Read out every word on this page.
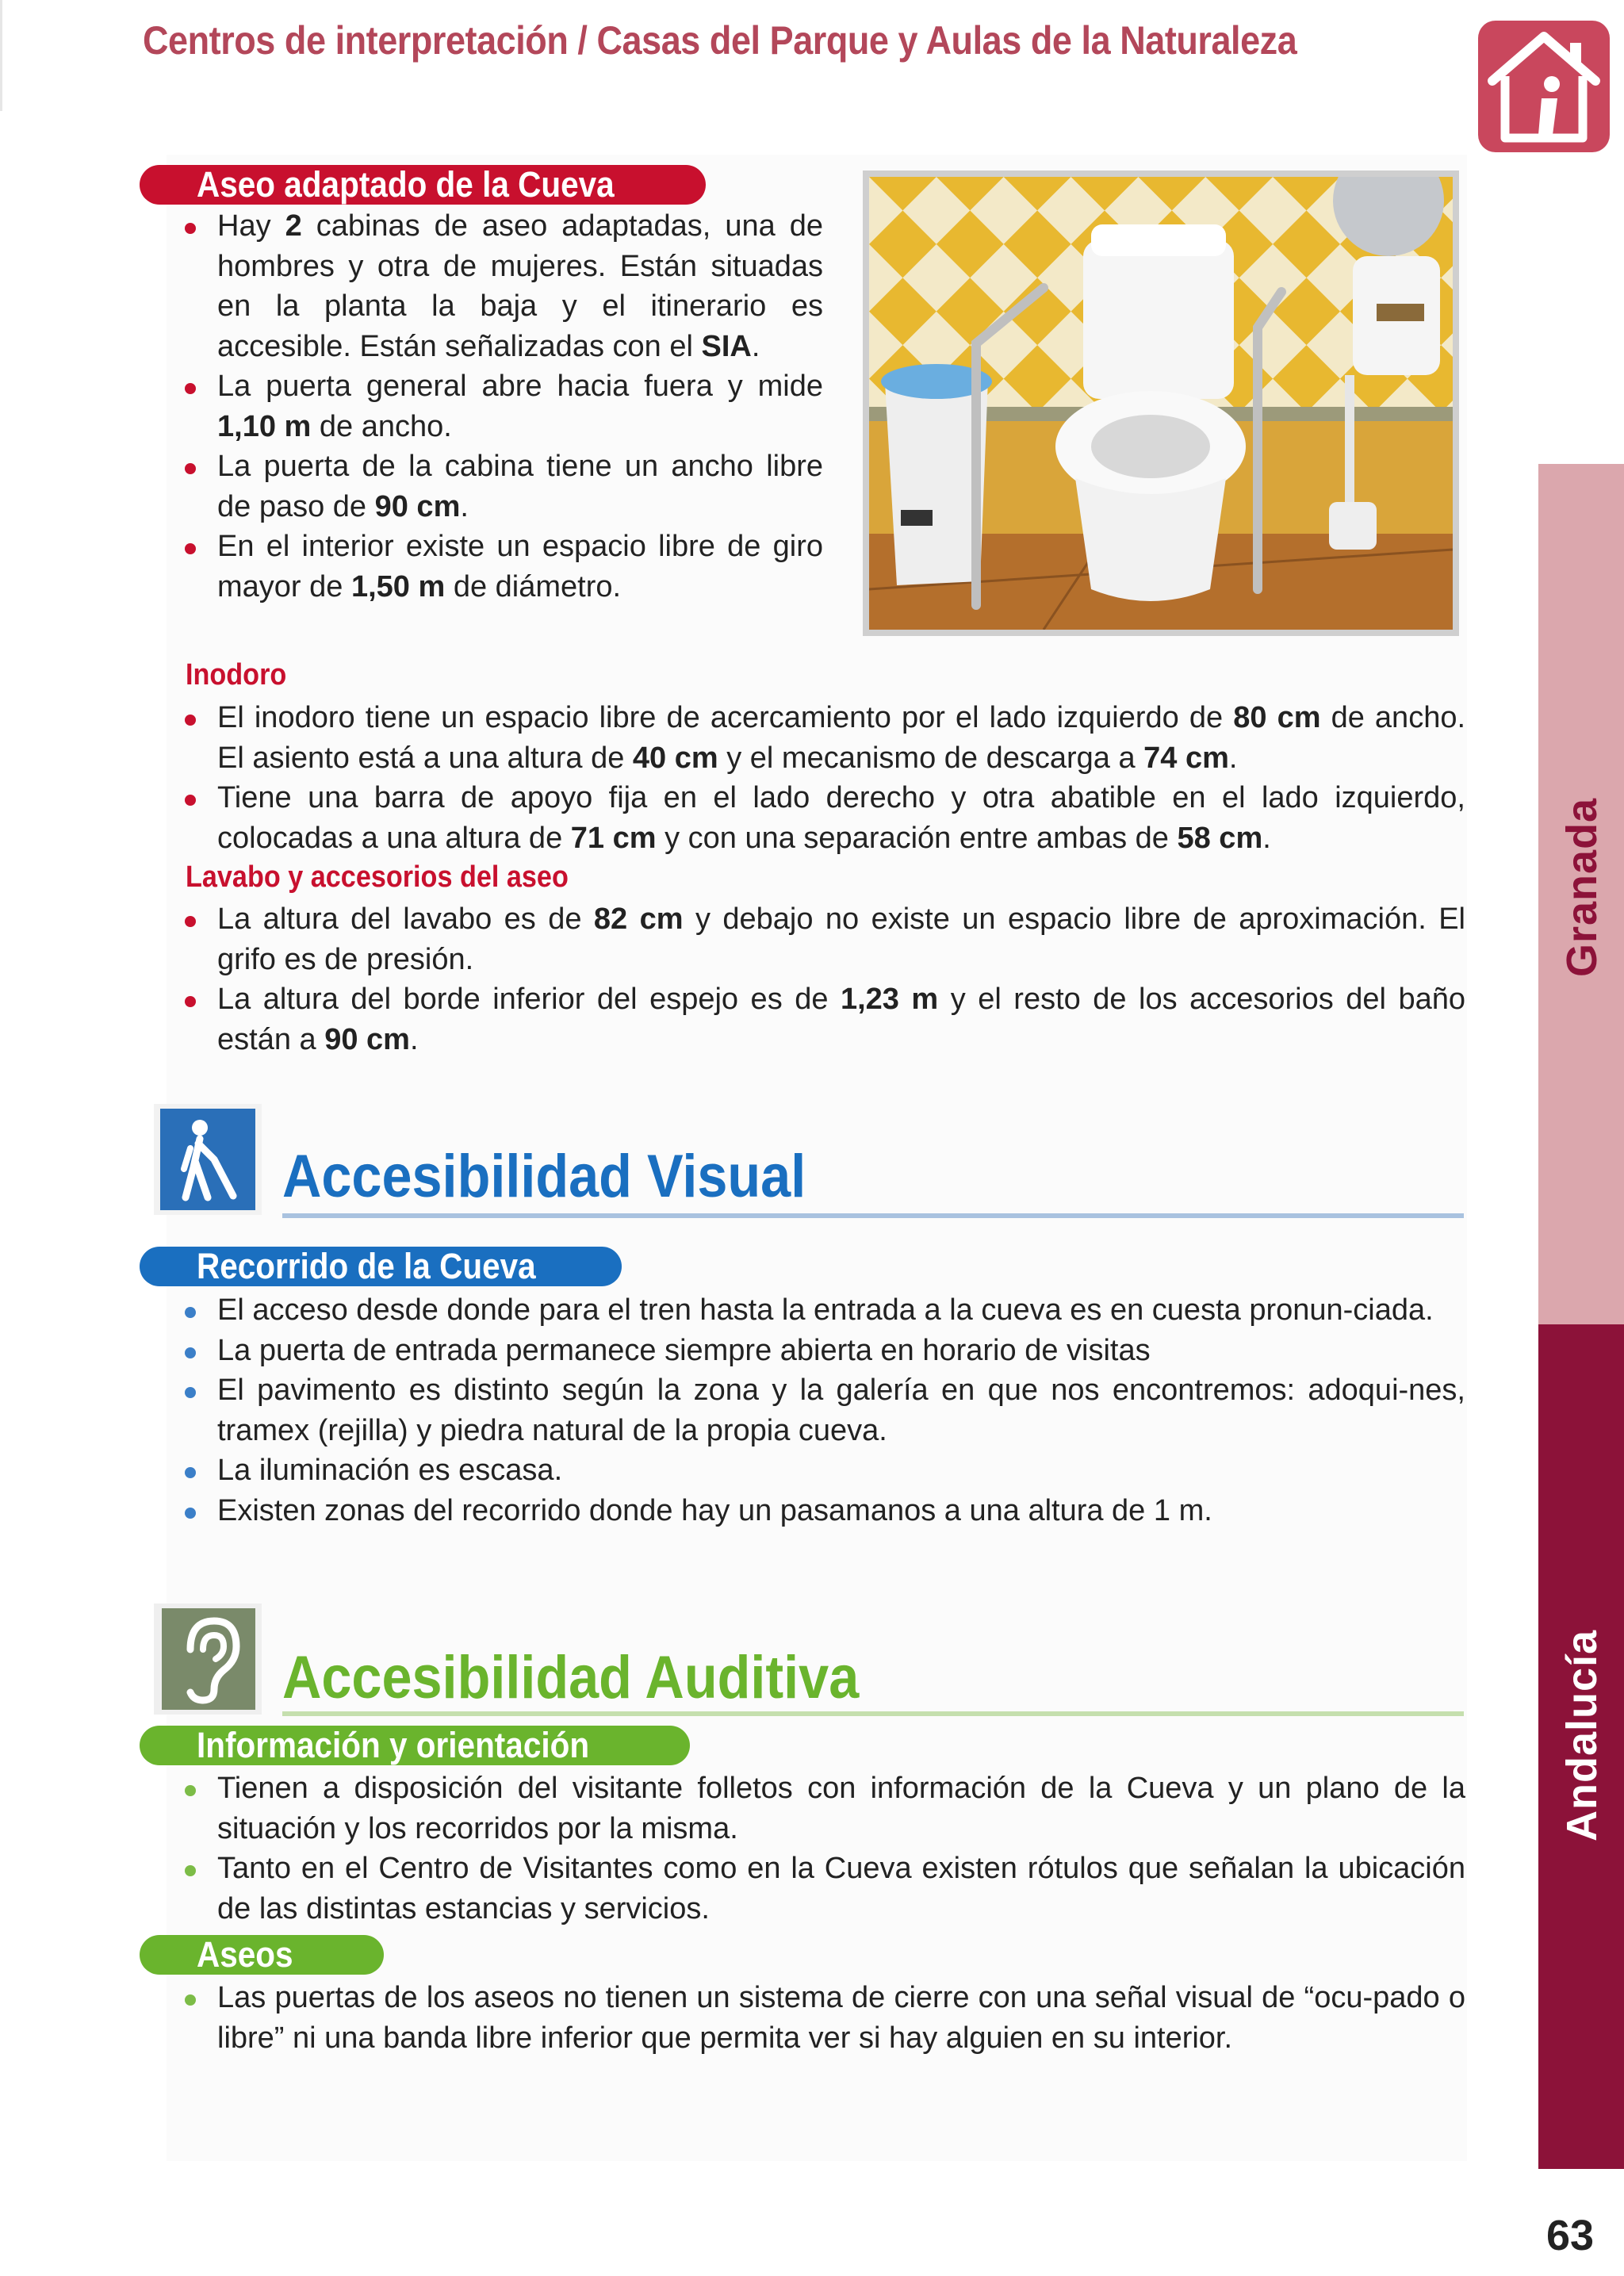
Centros de interpretación / Casas del Parque y Aulas de la Naturaleza
Granada
Andalucía
63
Aseo adaptado de la Cueva
Hay 2 cabinas de aseo adaptadas, una de hombres y otra de mujeres. Están situadas en la planta la baja y el itinerario es accesible. Están señalizadas con el SIA.
La puerta general abre hacia fuera y mide 1,10 m de ancho.
La puerta de la cabina tiene un ancho libre de paso de 90 cm.
En el interior existe un espacio libre de giro mayor de 1,50 m de diámetro.
Inodoro
El inodoro tiene un espacio libre de acercamiento por el lado izquierdo de 80 cm de ancho. El asiento está a una altura de 40 cm y el mecanismo de descarga a 74 cm.
Tiene una barra de apoyo fija en el lado derecho y otra abatible en el lado izquierdo, colocadas a una altura de 71 cm y con una separación entre ambas de 58 cm.
Lavabo y accesorios del aseo
La altura del lavabo es de 82 cm y debajo no existe un espacio libre de aproximación. El grifo es de presión.
La altura del borde inferior del espejo es de 1,23 m y el resto de los accesorios del baño están a 90 cm.
Accesibilidad Visual
Recorrido de la Cueva
El acceso desde donde para el tren hasta la entrada a la cueva es en cuesta pronun-ciada.
La puerta de entrada permanece siempre abierta en horario de visitas
El pavimento es distinto según la zona y la galería en que nos encontremos: adoqui-nes, tramex (rejilla) y piedra natural de la propia cueva.
La iluminación es escasa.
Existen zonas del recorrido donde hay un pasamanos a una altura de 1 m.
Accesibilidad Auditiva
Información y orientación
Tienen a disposición del visitante folletos con información de la Cueva y un plano de la situación y los recorridos por la misma.
Tanto en el Centro de Visitantes como en la Cueva existen rótulos que señalan la ubicación de las distintas estancias y servicios.
Aseos
Las puertas de los aseos no tienen un sistema de cierre con una señal visual de “ocu-pado o libre” ni una banda libre inferior que permita ver si hay alguien en su interior.
